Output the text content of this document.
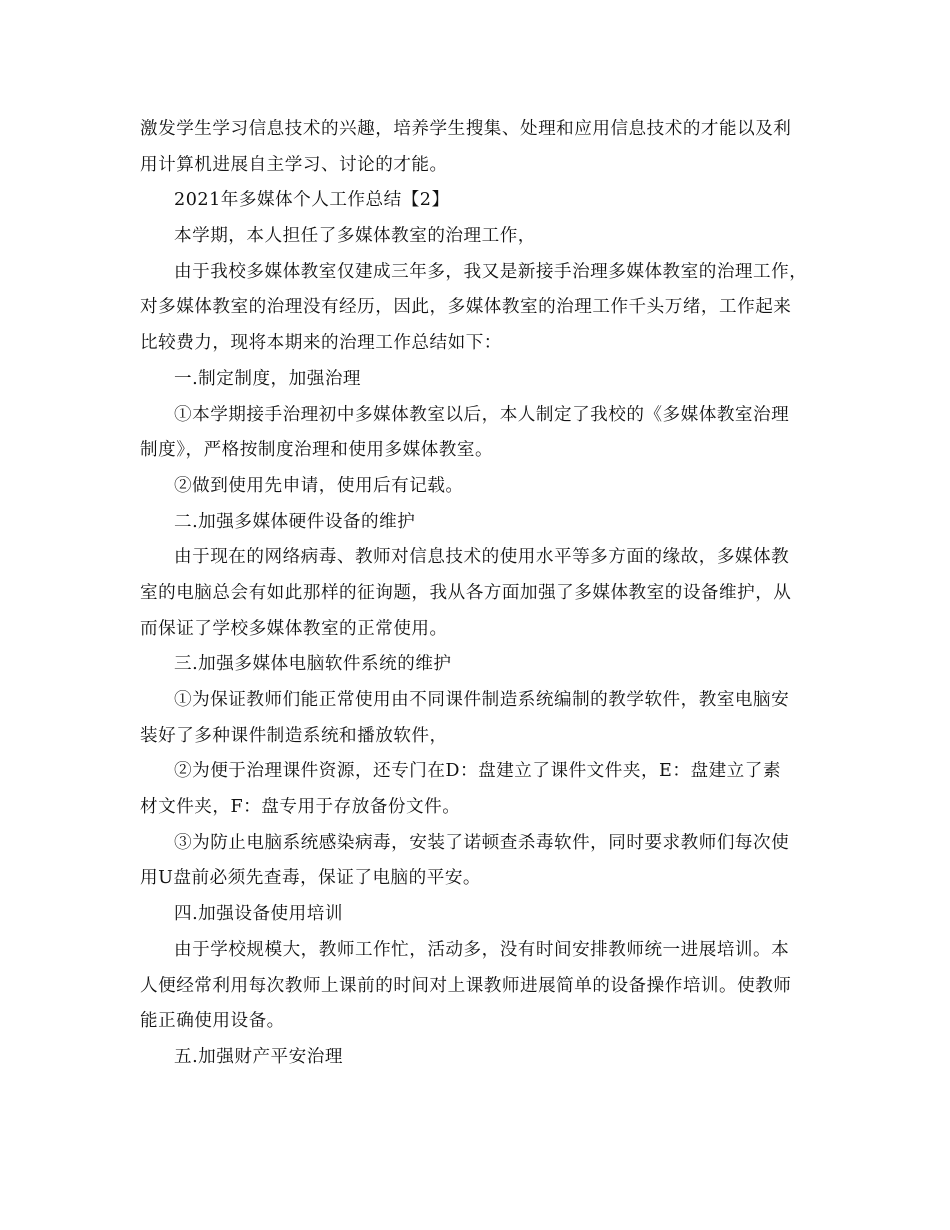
激发学生学习信息技术的兴趣，培养学生搜集、处理和应用信息技术的才能以及利
用计算机进展自主学习、讨论的才能。
2021年多媒体个人工作总结【2】
本学期，本人担任了多媒体教室的治理工作，
由于我校多媒体教室仅建成三年多，我又是新接手治理多媒体教室的治理工作，
对多媒体教室的治理没有经历，因此，多媒体教室的治理工作千头万绪，工作起来
比较费力，现将本期来的治理工作总结如下：
一.制定制度，加强治理
①本学期接手治理初中多媒体教室以后，本人制定了我校的《多媒体教室治理
制度》，严格按制度治理和使用多媒体教室。
②做到使用先申请，使用后有记载。
二.加强多媒体硬件设备的维护
由于现在的网络病毒、教师对信息技术的使用水平等多方面的缘故，多媒体教
室的电脑总会有如此那样的征询题，我从各方面加强了多媒体教室的设备维护，从
而保证了学校多媒体教室的正常使用。
三.加强多媒体电脑软件系统的维护
①为保证教师们能正常使用由不同课件制造系统编制的教学软件，教室电脑安
装好了多种课件制造系统和播放软件，
②为便于治理课件资源，还专门在D：盘建立了课件文件夹，E：盘建立了素
材文件夹，F：盘专用于存放备份文件。
③为防止电脑系统感染病毒，安装了诺顿查杀毒软件，同时要求教师们每次使
用U盘前必须先查毒，保证了电脑的平安。
四.加强设备使用培训
由于学校规模大，教师工作忙，活动多，没有时间安排教师统一进展培训。本
人便经常利用每次教师上课前的时间对上课教师进展简单的设备操作培训。使教师
能正确使用设备。
五.加强财产平安治理
